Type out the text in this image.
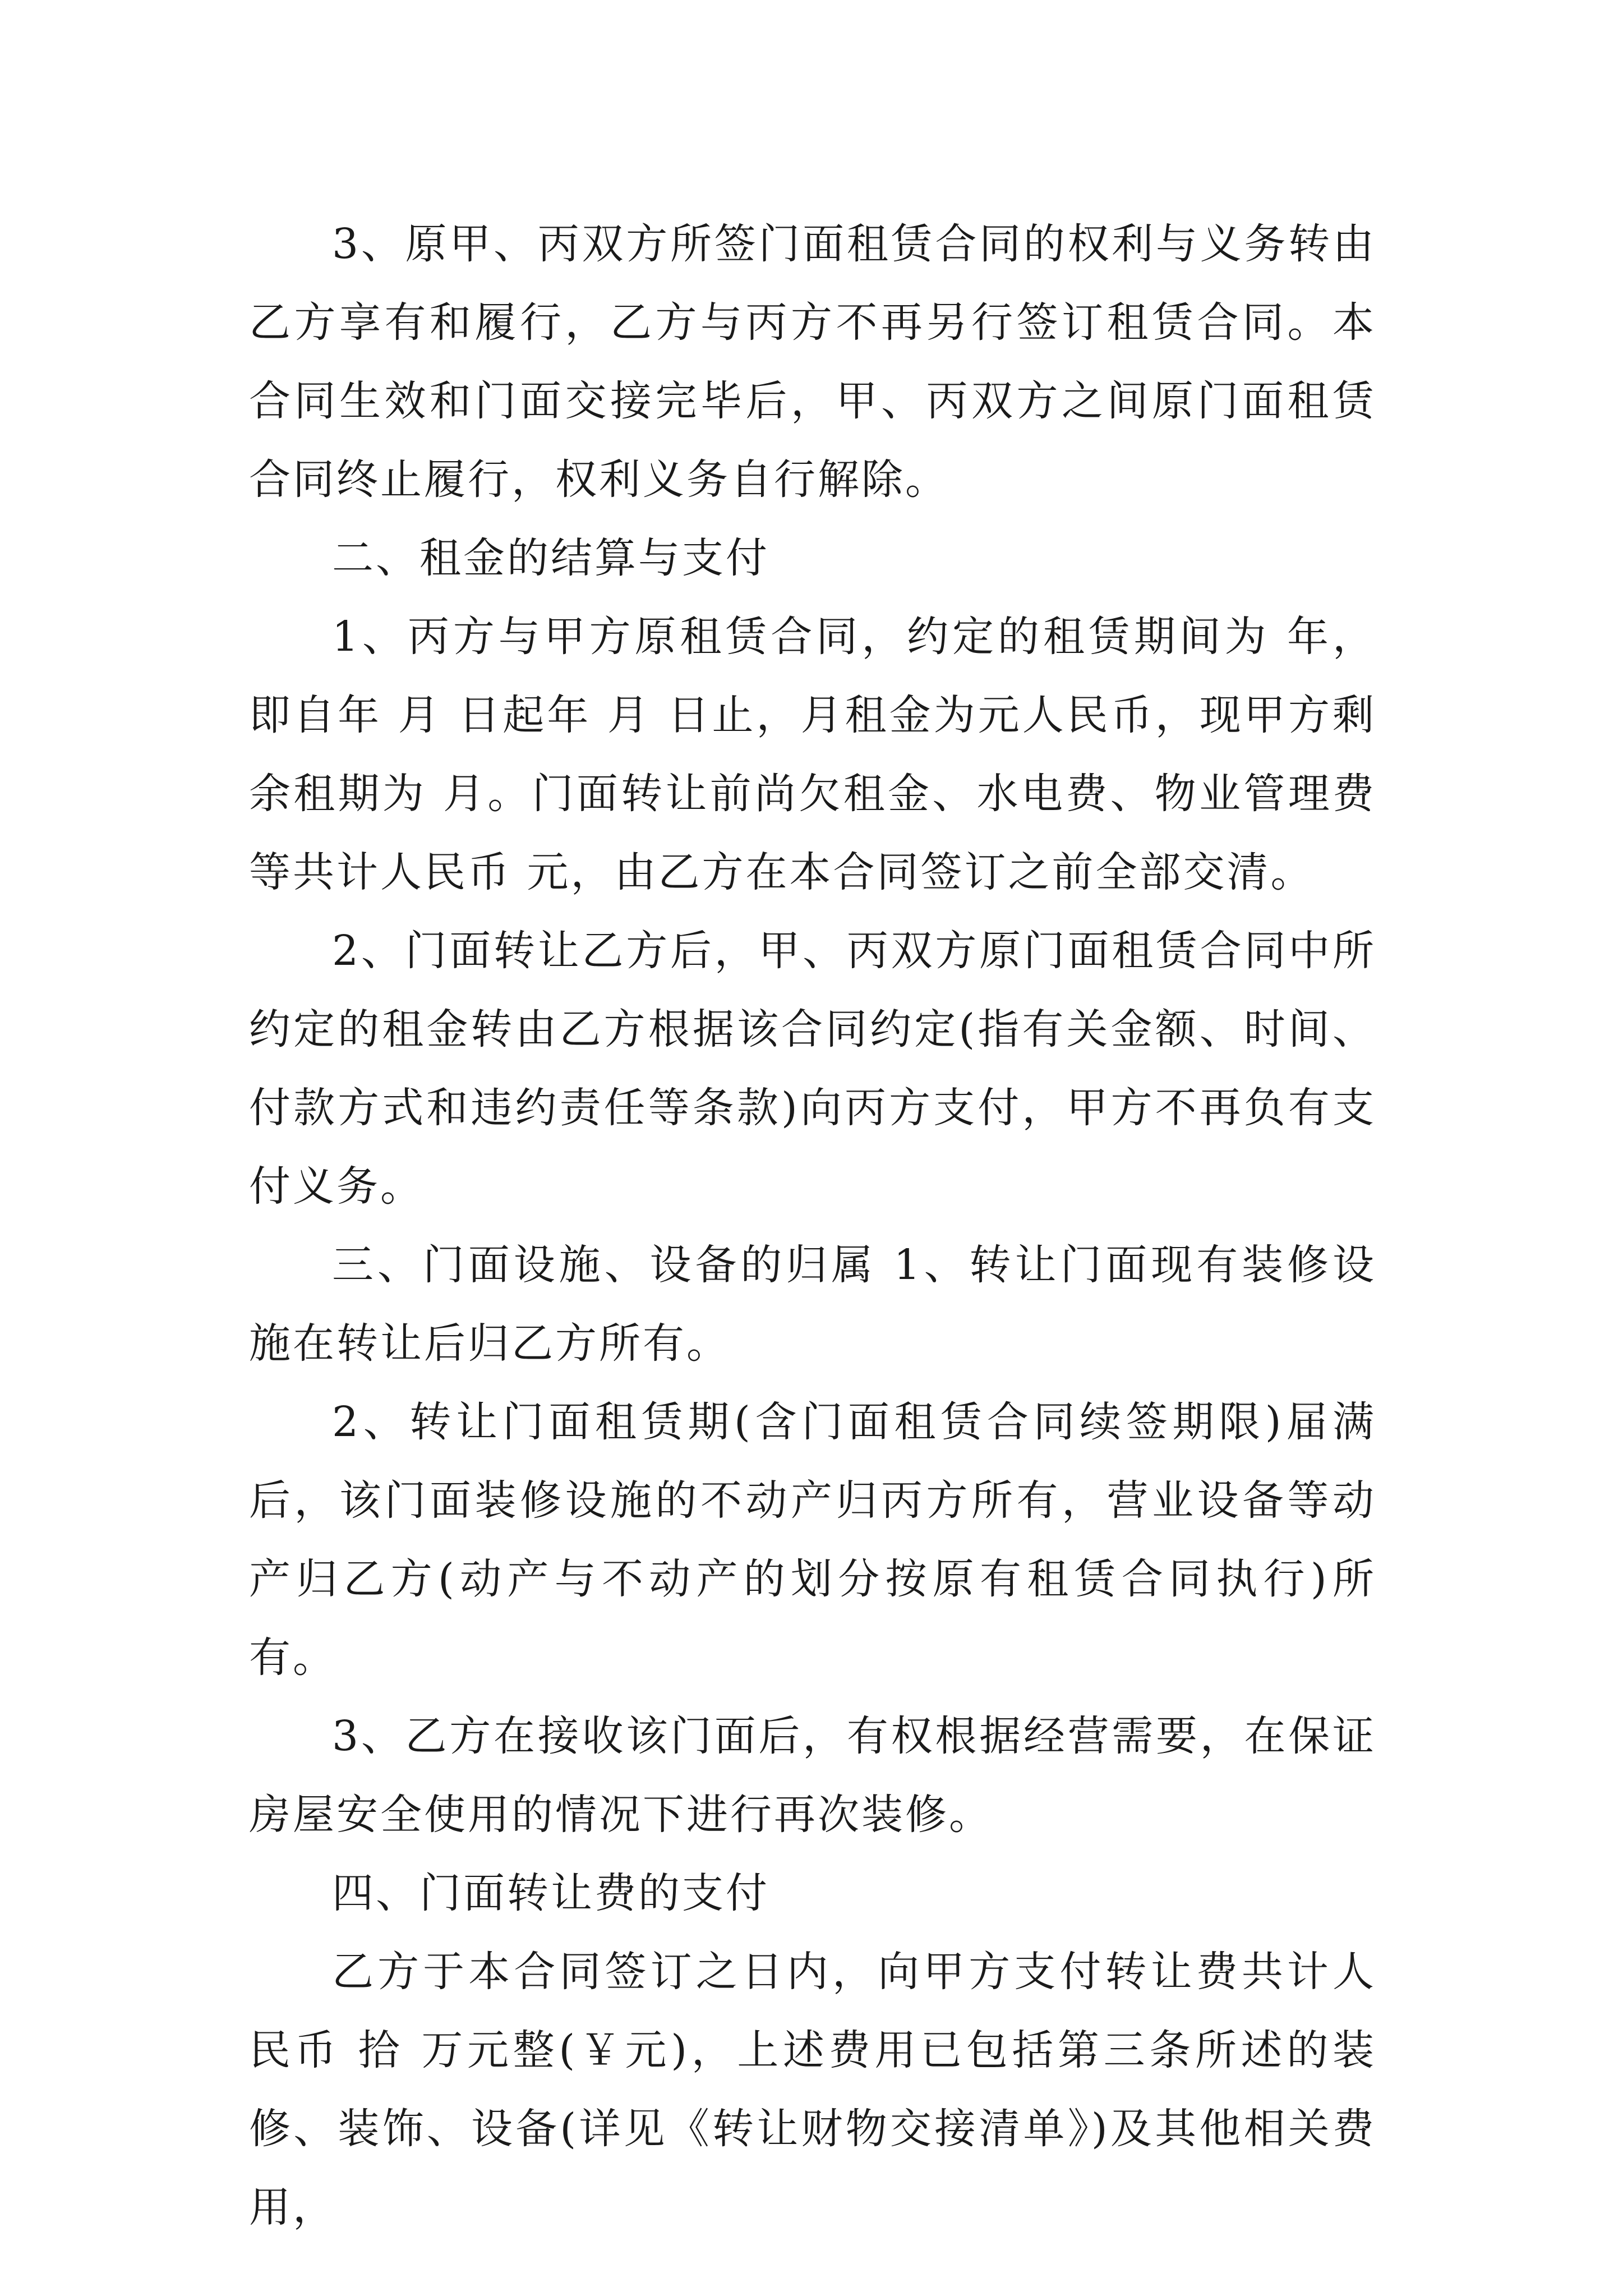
3、原甲、丙双方所签门面租赁合同的权利与义务转由乙方享有和履行，乙方与丙方不再另行签订租赁合同。本合同生效和门面交接完毕后，甲、丙双方之间原门面租赁合同终止履行，权利义务自行解除。

二、租金的结算与支付

1、丙方与甲方原租赁合同，约定的租赁期间为 年，即自年 月 日起年 月 日止，月租金为元人民币，现甲方剩余租期为 月。门面转让前尚欠租金、水电费、物业管理费等共计人民币 元，由乙方在本合同签订之前全部交清。

2、门面转让乙方后，甲、丙双方原门面租赁合同中所约定的租金转由乙方根据该合同约定(指有关金额、时间、付款方式和违约责任等条款)向丙方支付，甲方不再负有支付义务。

三、门面设施、设备的归属 1、转让门面现有装修设施在转让后归乙方所有。

2、转让门面租赁期(含门面租赁合同续签期限)届满后，该门面装修设施的不动产归丙方所有，营业设备等动产归乙方(动产与不动产的划分按原有租赁合同执行)所有。

3、乙方在接收该门面后，有权根据经营需要，在保证房屋安全使用的情况下进行再次装修。

四、门面转让费的支付

乙方于本合同签订之日内，向甲方支付转让费共计人民币 拾 万元整(￥元)，上述费用已包括第三条所述的装修、装饰、设备(详见《转让财物交接清单》)及其他相关费用，
